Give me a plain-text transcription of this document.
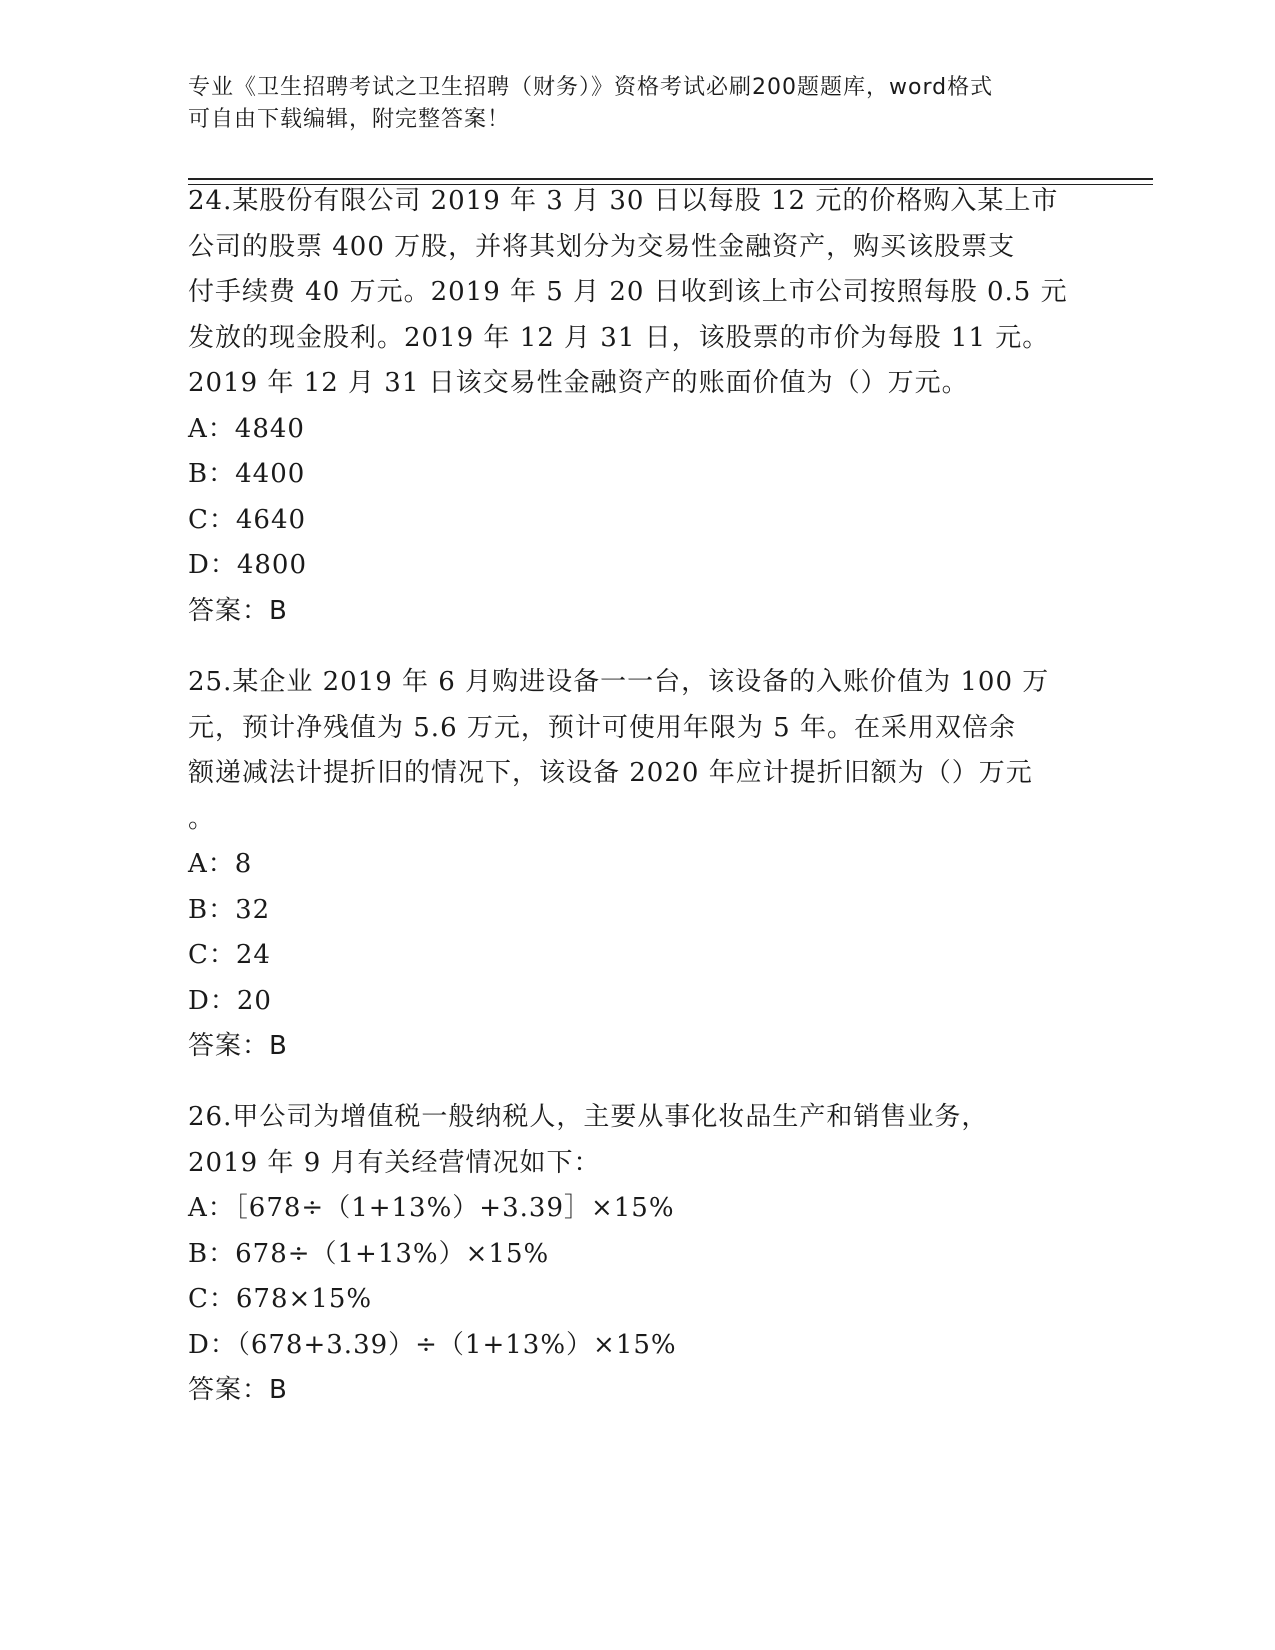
专业《卫生招聘考试之卫生招聘（财务）》资格考试必刷200题题库，word格式
可自由下载编辑，附完整答案！
24.某股份有限公司 2019 年 3 月 30 日以每股 12 元的价格购入某上市
公司的股票 400 万股，并将其划分为交易性金融资产，购买该股票支
付手续费 40 万元。2019 年 5 月 20 日收到该上市公司按照每股 0.5 元
发放的现金股利。2019 年 12 月 31 日，该股票的市价为每股 11 元。
2019 年 12 月 31 日该交易性金融资产的账面价值为（）万元。
A：4840
B：4400
C：4640
D：4800
答案：B
25.某企业 2019 年 6 月购进设备一一台，该设备的入账价值为 100 万
元，预计净残值为 5.6 万元，预计可使用年限为 5 年。在采用双倍余
额递减法计提折旧的情况下，该设备 2020 年应计提折旧额为（）万元
。
A：8
B：32
C：24
D：20
答案：B
26.甲公司为增值税一般纳税人，主要从事化妆品生产和销售业务，
2019 年 9 月有关经营情况如下：
A：［678÷（1+13%）+3.39］×15%
B：678÷（1+13%）×15%
C：678×15%
D：（678+3.39）÷（1+13%）×15%
答案：B
